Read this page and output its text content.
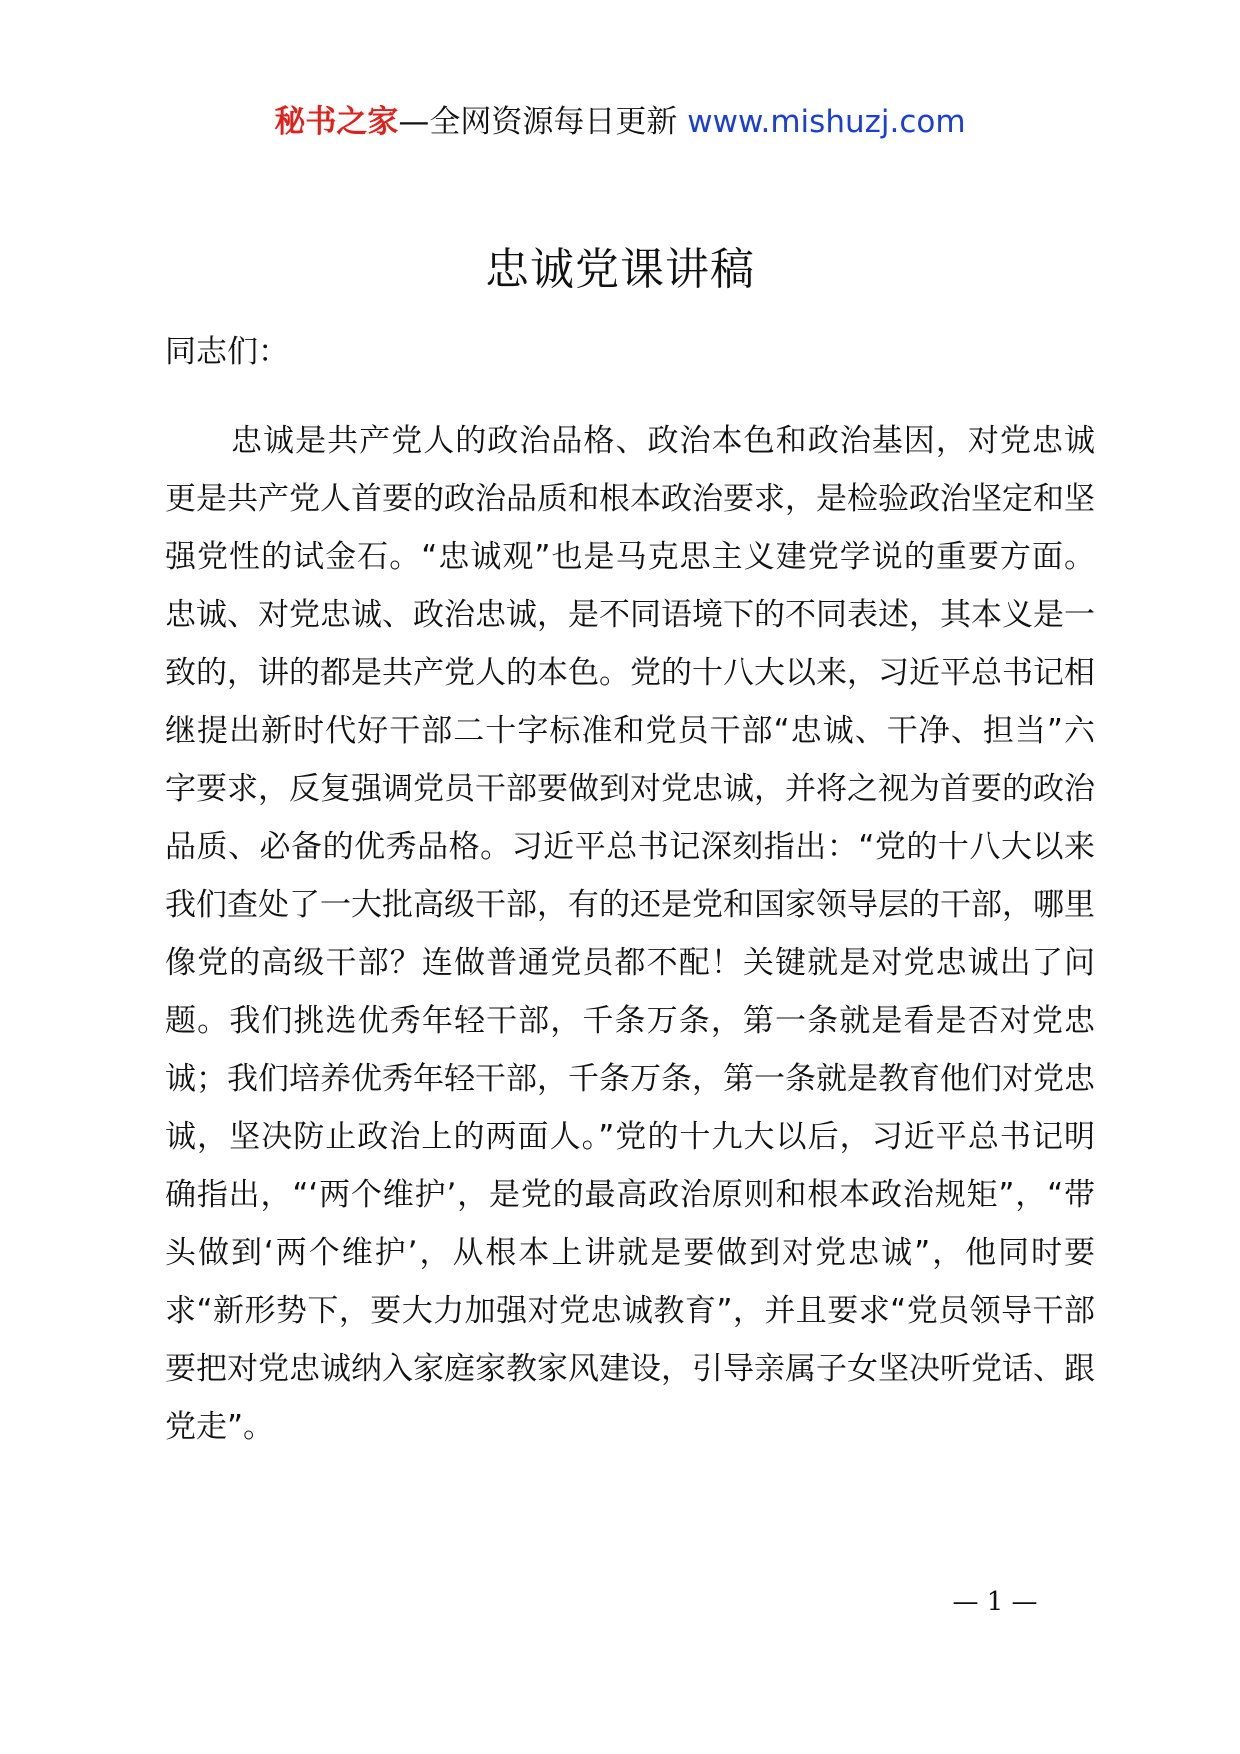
秘书之家—全网资源每日更新 www.mishuzj.com
忠诚党课讲稿

同志们：

忠诚是共产党人的政治品格、政治本色和政治基因，对党忠诚更是共产党人首要的政治品质和根本政治要求，是检验政治坚定和坚强党性的试金石。“忠诚观”也是马克思主义建党学说的重要方面。忠诚、对党忠诚、政治忠诚，是不同语境下的不同表述，其本义是一致的，讲的都是共产党人的本色。党的十八大以来，习近平总书记相继提出新时代好干部二十字标准和党员干部“忠诚、干净、担当”六字要求，反复强调党员干部要做到对党忠诚，并将之视为首要的政治品质、必备的优秀品格。习近平总书记深刻指出：“党的十八大以来我们查处了一大批高级干部，有的还是党和国家领导层的干部，哪里像党的高级干部？连做普通党员都不配！关键就是对党忠诚出了问题。我们挑选优秀年轻干部，千条万条，第一条就是看是否对党忠诚；我们培养优秀年轻干部，千条万条，第一条就是教育他们对党忠诚，坚决防止政治上的两面人。”党的十九大以后，习近平总书记明确指出，“‘两个维护’，是党的最高政治原则和根本政治规矩”，“带头做到‘两个维护’，从根本上讲就是要做到对党忠诚”，他同时要求“新形势下，要大力加强对党忠诚教育”，并且要求“党员领导干部要把对党忠诚纳入家庭家教家风建设，引导亲属子女坚决听党话、跟党走”。

— 1 —
